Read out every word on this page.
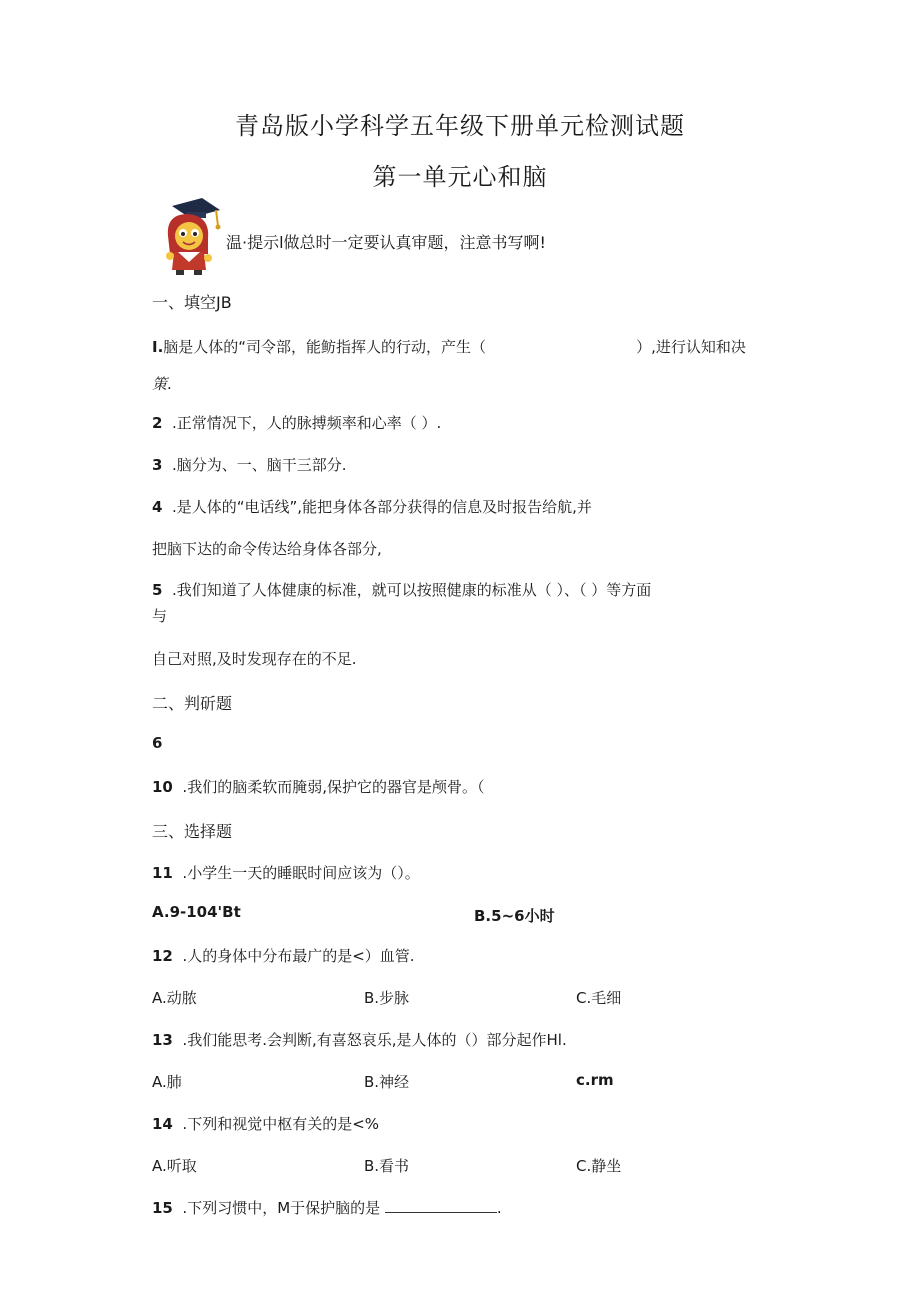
青岛版小学科学五年级下册单元检测试题
第一单元心和脑
温·提示l做总时一定要认真审题，注意书写啊!
一、填空JB
I.脑是人体的“司令部，能鲂指挥人的行动，产生（	）,进行认知和决
策.
2 .正常情况下，人的脉搏频率和心率（ ）.
3 .脑分为、一、脑干三部分.
4 .是人体的“电话线”,能把身体各部分获得的信息及时报告给航,并
把脑下达的命令传达给身体各部分,
5 .我们知道了人体健康的标准，就可以按照健康的标准从（ ）、（ ）等方面
与
自己对照,及时发现存在的不足.
二、判斫题
6
10 .我们的脑柔软而腌弱,保护它的器官是颅骨。（
三、选择题
11 .小学生一天的睡眠时间应该为（）。
A.9-104'Bt	B.5~6小时
12 .人的身体中分布最广的是<）血管.
A.动脓	B.步脉	C.毛细
13 .我们能思考.会判断,有喜怒哀乐,是人体的（）部分起作Hl.
A.肺	B.神经	c.rm
14 .下列和视觉中枢有关的是<%
A.听取	B.看书	C.静坐
15 .下列习惯中，M于保护脑的是	.
